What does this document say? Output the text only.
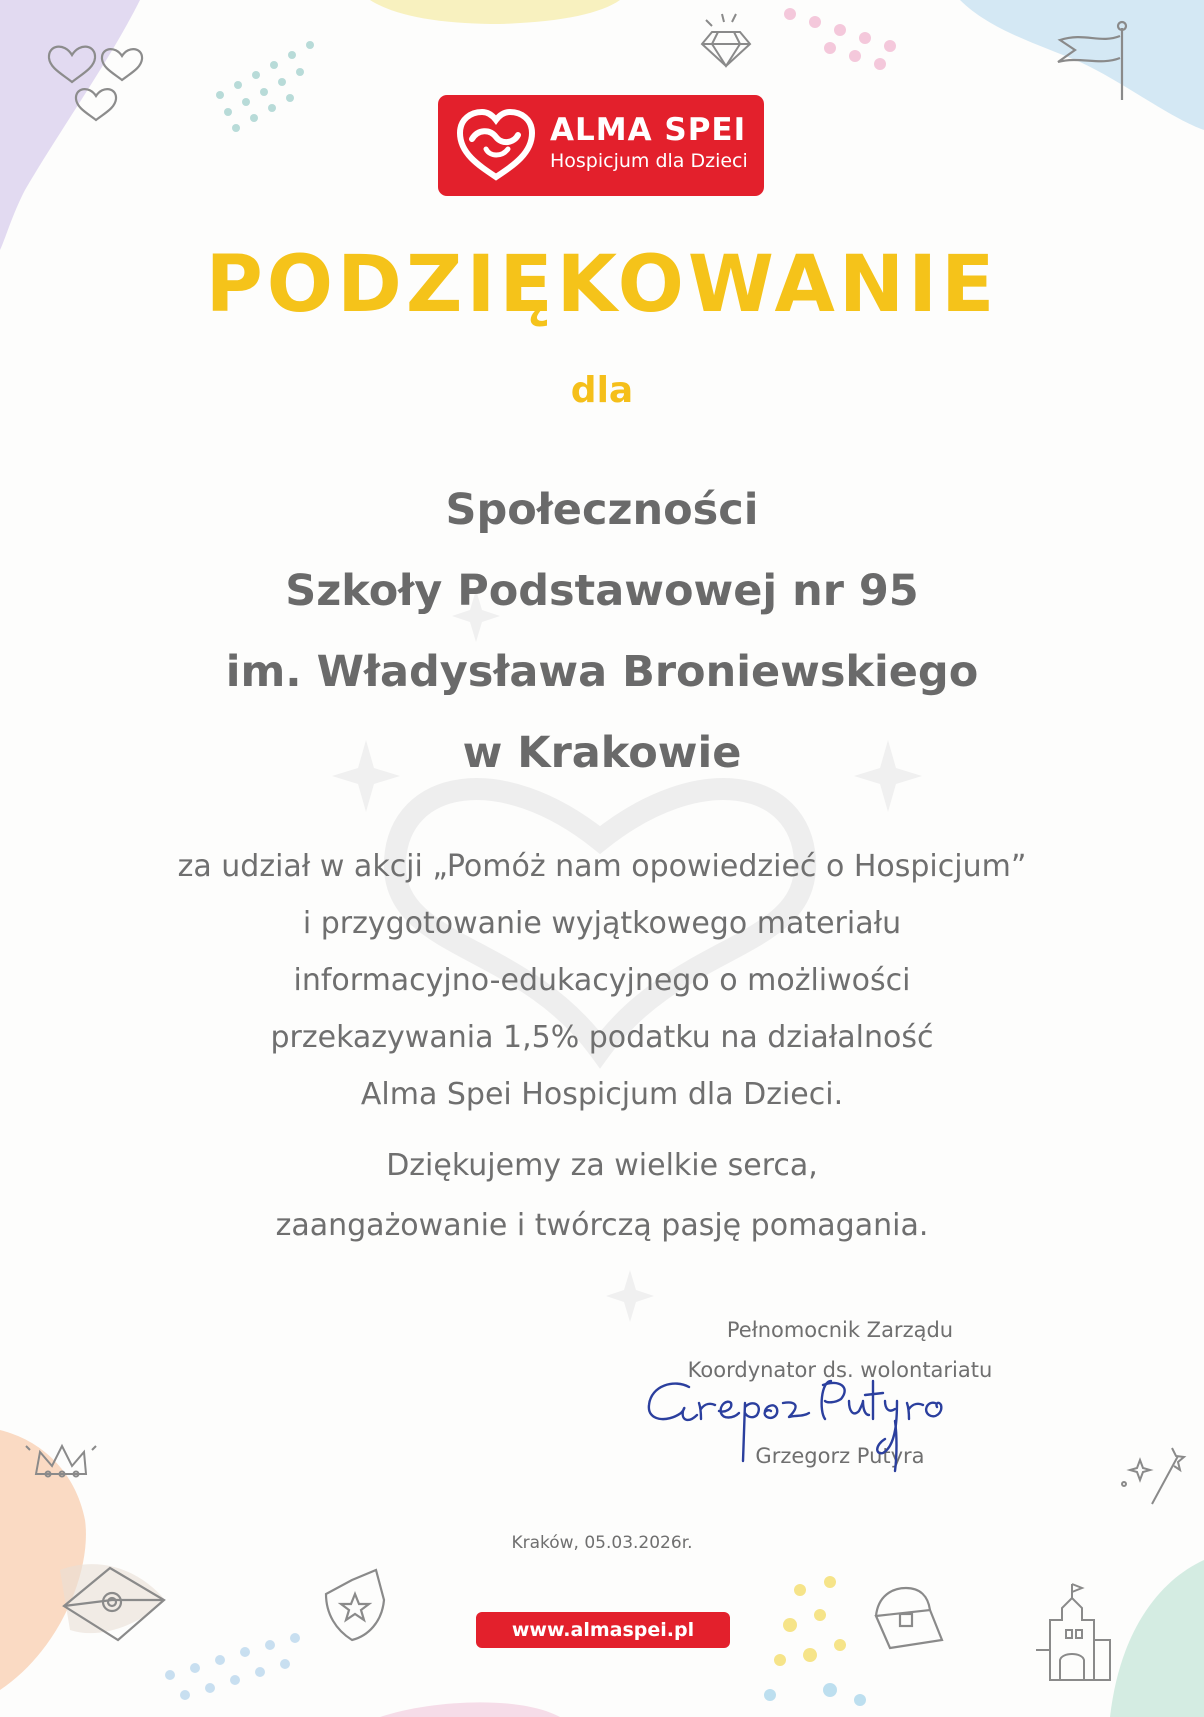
ALMA SPEI
Hospicjum dla Dzieci
PODZIĘKOWANIE
dla
Społeczności
Szkoły Podstawowej nr 95
im. Władysława Broniewskiego
w Krakowie
za udział w akcji „Pomóż nam opowiedzieć o Hospicjum”
i przygotowanie wyjątkowego materiału
informacyjno-edukacyjnego o możliwości
przekazywania 1,5% podatku na działalność
Alma Spei Hospicjum dla Dzieci.
Dziękujemy za wielkie serca,
zaangażowanie i twórczą pasję pomagania.
Pełnomocnik Zarządu
Koordynator ds. wolontariatu
Grzegorz Putyra
Kraków, 05.03.2026r.
www.almaspei.pl
